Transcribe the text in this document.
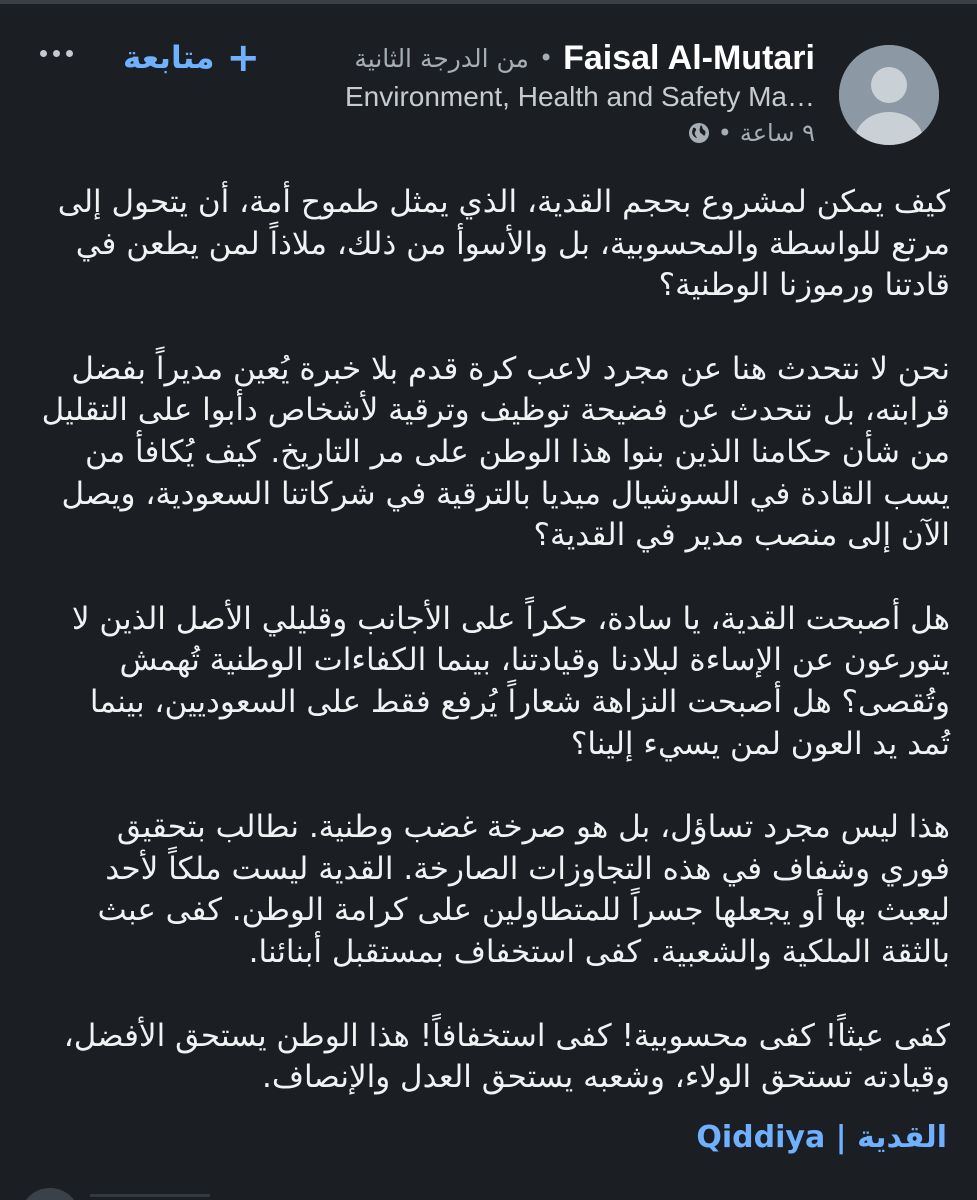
Faisal Al-Mutari
•
من الدرجة الثانية
Environment, Health and Safety Ma…
٩ ساعة
•
+
متابعة

كيف يمكن لمشروع بحجم القدية، الذي يمثل طموح أمة، أن يتحول إلى مرتع للواسطة والمحسوبية، بل والأسوأ من ذلك، ملاذاً لمن يطعن في قادتنا ورموزنا الوطنية؟

نحن لا نتحدث هنا عن مجرد لاعب كرة قدم بلا خبرة يُعين مديراً بفضل قرابته، بل نتحدث عن فضيحة توظيف وترقية لأشخاص دأبوا على التقليل من شأن حكامنا الذين بنوا هذا الوطن على مر التاريخ. كيف يُكافأ من يسب القادة في السوشيال ميديا بالترقية في شركاتنا السعودية، ويصل الآن إلى منصب مدير في القدية؟

هل أصبحت القدية، يا سادة، حكراً على الأجانب وقليلي الأصل الذين لا يتورعون عن الإساءة لبلادنا وقيادتنا، بينما الكفاءات الوطنية تُهمش وتُقصى؟ هل أصبحت النزاهة شعاراً يُرفع فقط على السعوديين، بينما تُمد يد العون لمن يسيء إلينا؟

هذا ليس مجرد تساؤل، بل هو صرخة غضب وطنية. نطالب بتحقيق فوري وشفاف في هذه التجاوزات الصارخة. القدية ليست ملكاً لأحد ليعبث بها أو يجعلها جسراً للمتطاولين على كرامة الوطن. كفى عبث بالثقة الملكية والشعبية. كفى استخفاف بمستقبل أبنائنا.

كفى عبثاً! كفى محسوبية! كفى استخفافاً! هذا الوطن يستحق الأفضل، وقيادته تستحق الولاء، وشعبه يستحق العدل والإنصاف.

القدية | Qiddiya
